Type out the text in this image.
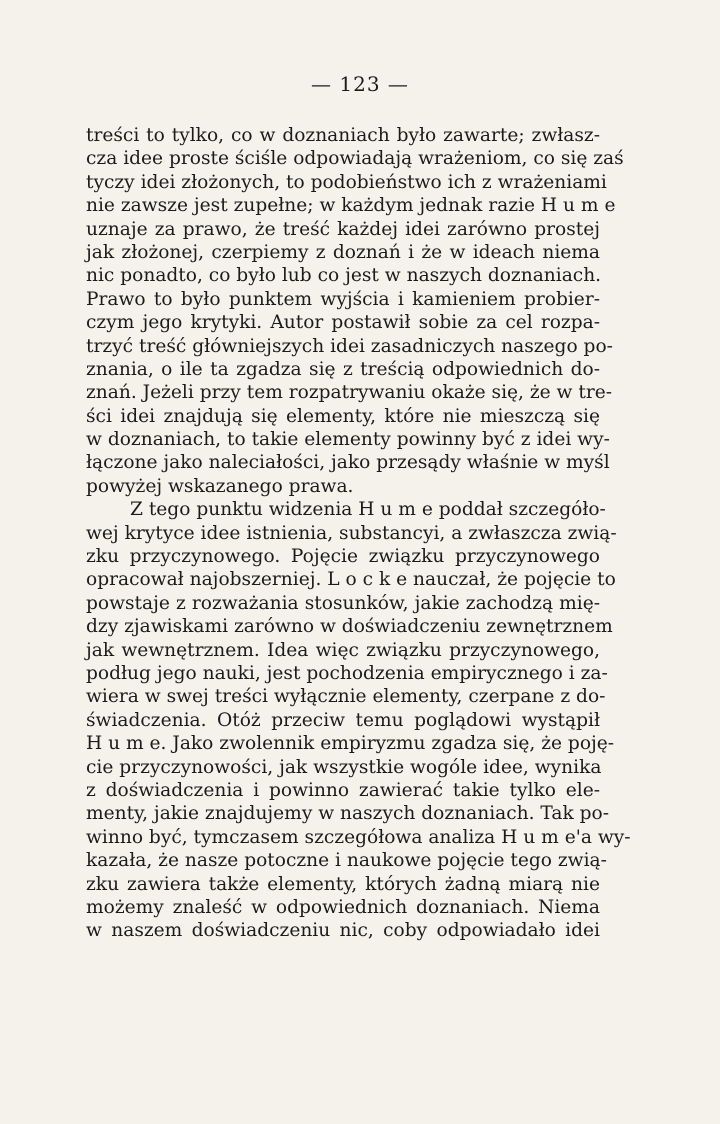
— 123 —
treści to tylko, co w doznaniach było zawarte; zwłasz-
cza idee proste ściśle odpowiadają wrażeniom, co się zaś
tyczy idei złożonych, to podobieństwo ich z wrażeniami
nie zawsze jest zupełne; w każdym jednak razie H u m e
uznaje za prawo, że treść każdej idei zarówno prostej
jak złożonej, czerpiemy z doznań i że w ideach niema
nic ponadto, co było lub co jest w naszych doznaniach.
Prawo to było punktem wyjścia i kamieniem probier-
czym jego krytyki. Autor postawił sobie za cel rozpa-
trzyć treść główniejszych idei zasadniczych naszego po-
znania, o ile ta zgadza się z treścią odpowiednich do-
znań. Jeżeli przy tem rozpatrywaniu okaże się, że w tre-
ści idei znajdują się elementy, które nie mieszczą się
w doznaniach, to takie elementy powinny być z idei wy-
łączone jako naleciałości, jako przesądy właśnie w myśl
powyżej wskazanego prawa.
Z tego punktu widzenia H u m e poddał szczegóło-
wej krytyce idee istnienia, substancyi, a zwłaszcza zwią-
zku przyczynowego. Pojęcie związku przyczynowego
opracował najobszerniej. L o c k e nauczał, że pojęcie to
powstaje z rozważania stosunków, jakie zachodzą mię-
dzy zjawiskami zarówno w doświadczeniu zewnętrznem
jak wewnętrznem. Idea więc związku przyczynowego,
podług jego nauki, jest pochodzenia empirycznego i za-
wiera w swej treści wyłącznie elementy, czerpane z do-
świadczenia. Otóż przeciw temu poglądowi wystąpił
H u m e. Jako zwolennik empiryzmu zgadza się, że poję-
cie przyczynowości, jak wszystkie wogóle idee, wynika
z doświadczenia i powinno zawierać takie tylko ele-
menty, jakie znajdujemy w naszych doznaniach. Tak po-
winno być, tymczasem szczegółowa analiza H u m e'a wy-
kazała, że nasze potoczne i naukowe pojęcie tego zwią-
zku zawiera także elementy, których żadną miarą nie
możemy znaleść w odpowiednich doznaniach. Niema
w naszem doświadczeniu nic, coby odpowiadało idei
